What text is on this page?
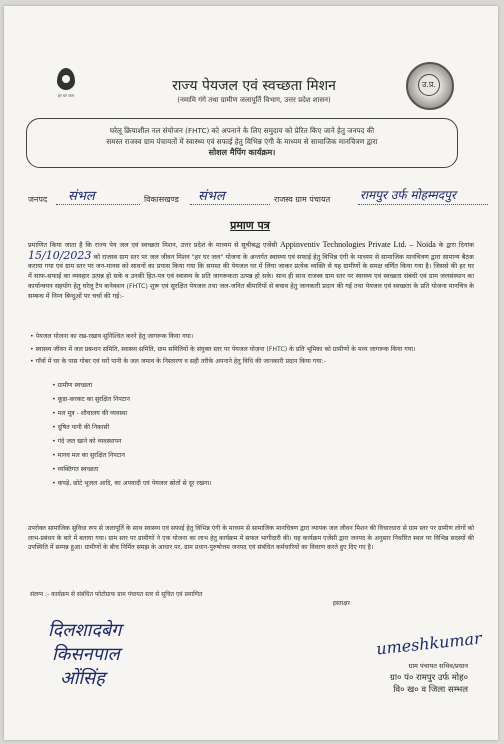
हर घर जल
उ.प्र.
राज्य पेयजल एवं स्वच्छता मिशन
(नमामि गंगे तथा ग्रामीण जलापूर्ति विभाग, उत्तर प्रदेश शासन)
घरेलू क्रियाशील नल संयोजन (FHTC) को अपनाने के लिए समुदाय को प्रेरित किए जाने हेतु जनपद की
समस्त राजस्व ग्राम पंचायतों में स्वास्थ्य एवं सफाई हेतु विभिन्न एंगी के माध्यम से सामाजिक मानचित्रण द्वारा
सोशल मैपिंग कार्यक्रम।
जनपद संभल	विकासखण्ड संभल	राजस्व ग्राम पंचायत रामपुर उर्फ मोहम्मदपुर
प्रमाण पत्र
प्रमाणित किया जाता है कि राज्य पेय जल एवं स्वच्छता मिशन, उत्तर प्रदेश के माध्यम से सूचीबद्ध एजेंसी Appinventiv Technologies Private Ltd. – Noida के द्वारा दिनांक 15/10/2023 को राजस्व ग्राम स्तर पर जल जीवन मिशन "हर घर जल" योजना के अन्तर्गत स्वास्थ्य एवं सफाई हेतु विभिन्न एंगी के माध्यम से सामाजिक मानचित्रण द्वारा सामान्य बैठक कराया गया एवं ग्राम स्तर पर जन-मानस को साधनों का प्रयास किया गया कि समस्त की पेयजल घर में लिया जाकर प्रत्येक व्यक्ति से यह ग्रामीणों के समक्ष वर्णित किया गया है। जिससे की हर घर में साफ-सफाई का व्यवहार उत्पन्न हो सके व उनकी हित-पत्र एवं स्वास्थ्य के प्रति जागरूकता उत्पन्न हो सके। साथ ही साथ राजस्व ग्राम स्तर पर स्वास्थ्य एवं स्वच्छता संबंधी एवं ग्राम जलसंस्थान का कार्यान्वयन सहयोग हेतु घरेलू टैप कनेक्शन (FHTC) शुरू एवं सुरक्षित पेयजल तथा जल-जनित बीमारियों से बचाव हेतु जानकारी प्रदान की गई तथा पेयजल एवं स्वच्छता के प्रति योजना मानचित्र के सम्बन्ध में निम्न बिन्दुओं पर चर्चा की गई:-
• पेयजल योजना का रख-रखाव सुनिश्चित करने हेतु जागरूक किया गया।
• स्वास्थ्य जीवन में जल प्रबन्धन समिति, स्वास्थ्य समिति, ग्राम समितियों के संयुक्त स्तर पर पेयजल योजना (FHTC) के प्रति भूमिका को ग्रामीणों के मध्य जागरूक किया गया।
• गाँवों में घर के पास गोबर एवं घरों पानी के जल जमाव के निस्तारण व सही तरीके अपनाने हेतु विधि की जानकारी प्रदान किया गया:-
• ग्रामीण स्वच्छता
• कूड़ा-करकट का सुरक्षित निपटान
• मल मूत्र - शौचालय की व्यवस्था
• दूषित पानी की निकासी
• गंदे जल खाने को व्यवस्थापन
• मानव मल का सुरक्षित निपटान
• व्यक्तिगत स्वच्छता
• कपड़े, छोटे भूजल आदि, का अपवादी एवं पेयजल स्रोतों से दूर रखना।
उपरोक्त सामाजिक सुविधा रूप से जलापूर्ति के साथ स्वास्थ्य एवं सफाई हेतु विभिन्न एंगी के माध्यम से सामाजिक मानचित्रण द्वारा व्यापक जल जीवन मिशन की विचारधारा से ग्राम स्तर पर ग्रामीण लोगों को लाभ-प्रबंधन के बारे में बताया गया। ग्राम स्तर पर ग्रामीणों ने एक योजना का लाभ हेतु कार्यक्रम में सफल भागीदारी की। यह कार्यक्रम एजेंसी द्वारा जनपद के अनुसार निर्धारित स्थल पर विभिन्न सदस्यों की उपस्थिति में सम्पन्न हुआ। ग्रामीणों के बीच निर्मित समझ के आधार पर, ग्राम प्रधान-पुरुषोत्तम जनपद एवं संबंधित कर्मचारियों का विवरण करते हुए दिए गए है।
संलग्न :- कार्यक्रम से संबंधित फोटोग्राफ ग्राम पंचायत स्तर से सूचित एवं प्रमाणित
हस्ताक्षर
दिलशादबेग
किसनपाल
ओंसिंह
umeshkumar
ग्राम पंचायत सचिव/प्रधान
ग्रा० पं० रामपुर उर्फ मोह०
वि० ख० व जिला सम्भल
